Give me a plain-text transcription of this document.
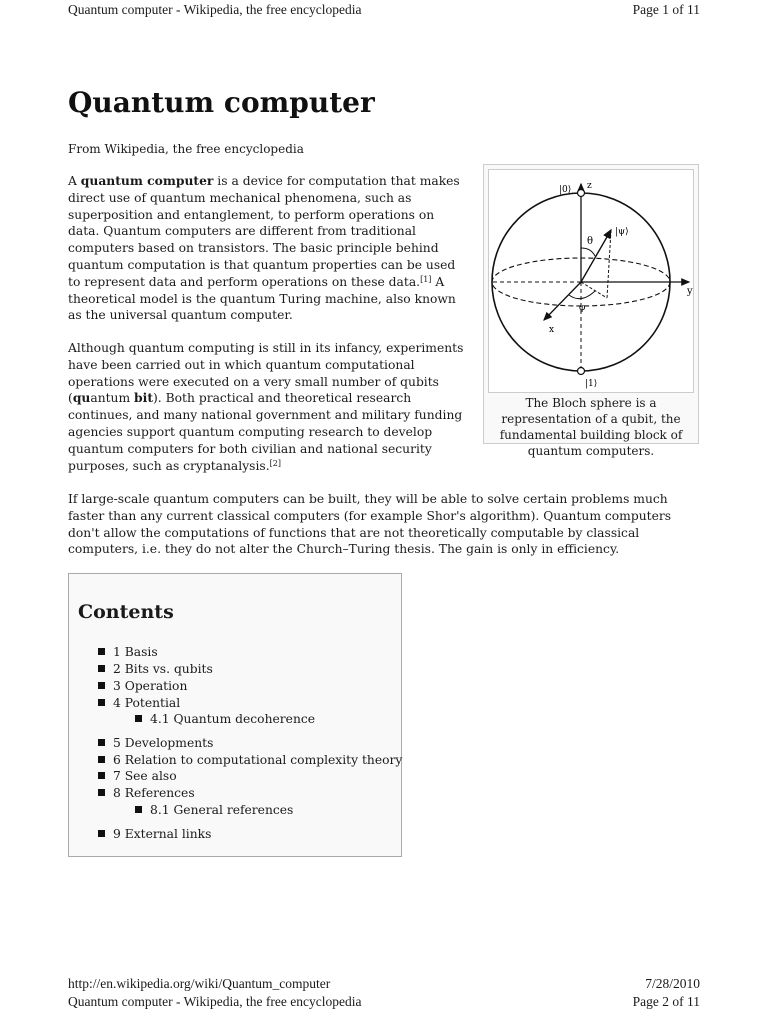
Quantum computer - Wikipedia, the free encyclopedia	Page 1 of 11
Quantum computer
From Wikipedia, the free encyclopedia

A quantum computer is a device for computation that makes direct use of quantum mechanical phenomena, such as superposition and entanglement, to perform operations on data. Quantum computers are different from traditional computers based on transistors. The basic principle behind quantum computation is that quantum properties can be used to represent data and perform operations on these data.[1] A theoretical model is the quantum Turing machine, also known as the universal quantum computer.

Although quantum computing is still in its infancy, experiments have been carried out in which quantum computational operations were executed on a very small number of qubits (quantum bit). Both practical and theoretical research continues, and many national government and military funding agencies support quantum computing research to develop quantum computers for both civilian and national security purposes, such as cryptanalysis.[2]

If large-scale quantum computers can be built, they will be able to solve certain problems much faster than any current classical computers (for example Shor's algorithm). Quantum computers don't allow the computations of functions that are not theoretically computable by classical computers, i.e. they do not alter the Church–Turing thesis. The gain is only in efficiency.

|0⟩ z
|ψ⟩
θ
φ
y
x
|1⟩
The Bloch sphere is a representation of a qubit, the fundamental building block of quantum computers.
Contents
1 Basis
2 Bits vs. qubits
3 Operation
4 Potential
4.1 Quantum decoherence
5 Developments
6 Relation to computational complexity theory
7 See also
8 References
8.1 General references
9 External links
http://en.wikipedia.org/wiki/Quantum_computer	7/28/2010
Quantum computer - Wikipedia, the free encyclopedia	Page 2 of 11
